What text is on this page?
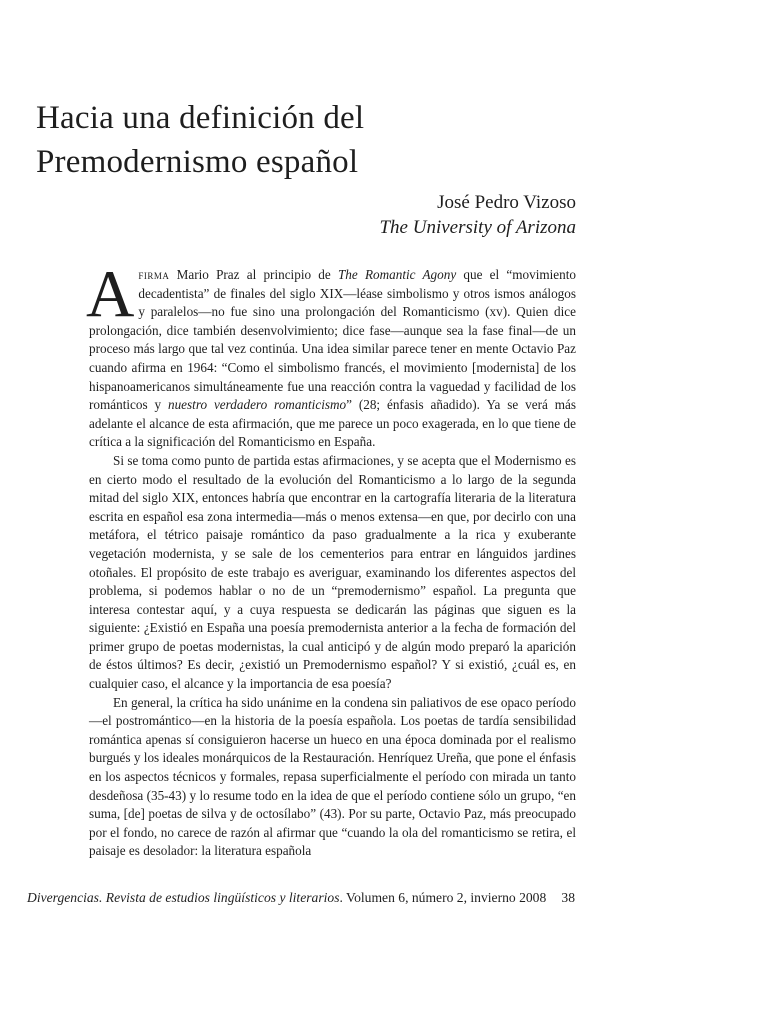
Hacia una definición del
Premodernismo español
José Pedro Vizoso
The University of Arizona

Afirma Mario Praz al principio de The Romantic Agony que el “movimiento decadentista” de finales del siglo XIX—léase simbolismo y otros ismos análogos y paralelos—no fue sino una prolongación del Romanticismo (xv). Quien dice prolongación, dice también desenvolvimiento; dice fase—aunque sea la fase final—de un proceso más largo que tal vez continúa. Una idea similar parece tener en mente Octavio Paz cuando afirma en 1964: “Como el simbolismo francés, el movimiento [modernista] de los hispanoamericanos simultáneamente fue una reacción contra la vaguedad y facilidad de los románticos y nuestro verdadero romanticismo” (28; énfasis añadido). Ya se verá más adelante el alcance de esta afirmación, que me parece un poco exagerada, en lo que tiene de crítica a la significación del Romanticismo en España.

Si se toma como punto de partida estas afirmaciones, y se acepta que el Modernismo es en cierto modo el resultado de la evolución del Romanticismo a lo largo de la segunda mitad del siglo XIX, entonces habría que encontrar en la cartografía literaria de la literatura escrita en español esa zona intermedia—más o menos extensa—en que, por decirlo con una metáfora, el tétrico paisaje romántico da paso gradualmente a la rica y exuberante vegetación modernista, y se sale de los cementerios para entrar en lánguidos jardines otoñales. El propósito de este trabajo es averiguar, examinando los diferentes aspectos del problema, si podemos hablar o no de un “premodernismo” español. La pregunta que interesa contestar aquí, y a cuya respuesta se dedicarán las páginas que siguen es la siguiente: ¿Existió en España una poesía premodernista anterior a la fecha de formación del primer grupo de poetas modernistas, la cual anticipó y de algún modo preparó la aparición de éstos últimos? Es decir, ¿existió un Premodernismo español? Y si existió, ¿cuál es, en cualquier caso, el alcance y la importancia de esa poesía?

En general, la crítica ha sido unánime en la condena sin paliativos de ese opaco período—el postromántico—en la historia de la poesía española. Los poetas de tardía sensibilidad romántica apenas sí consiguieron hacerse un hueco en una época dominada por el realismo burgués y los ideales monárquicos de la Restauración. Henríquez Ureña, que pone el énfasis en los aspectos técnicos y formales, repasa superficialmente el período con mirada un tanto desdeñosa (35-43) y lo resume todo en la idea de que el período contiene sólo un grupo, “en suma, [de] poetas de silva y de octosílabo” (43). Por su parte, Octavio Paz, más preocupado por el fondo, no carece de razón al afirmar que “cuando la ola del romanticismo se retira, el paisaje es desolador: la literatura española

Divergencias. Revista de estudios lingüísticos y literarios. Volumen 6, número 2, invierno 2008 38
